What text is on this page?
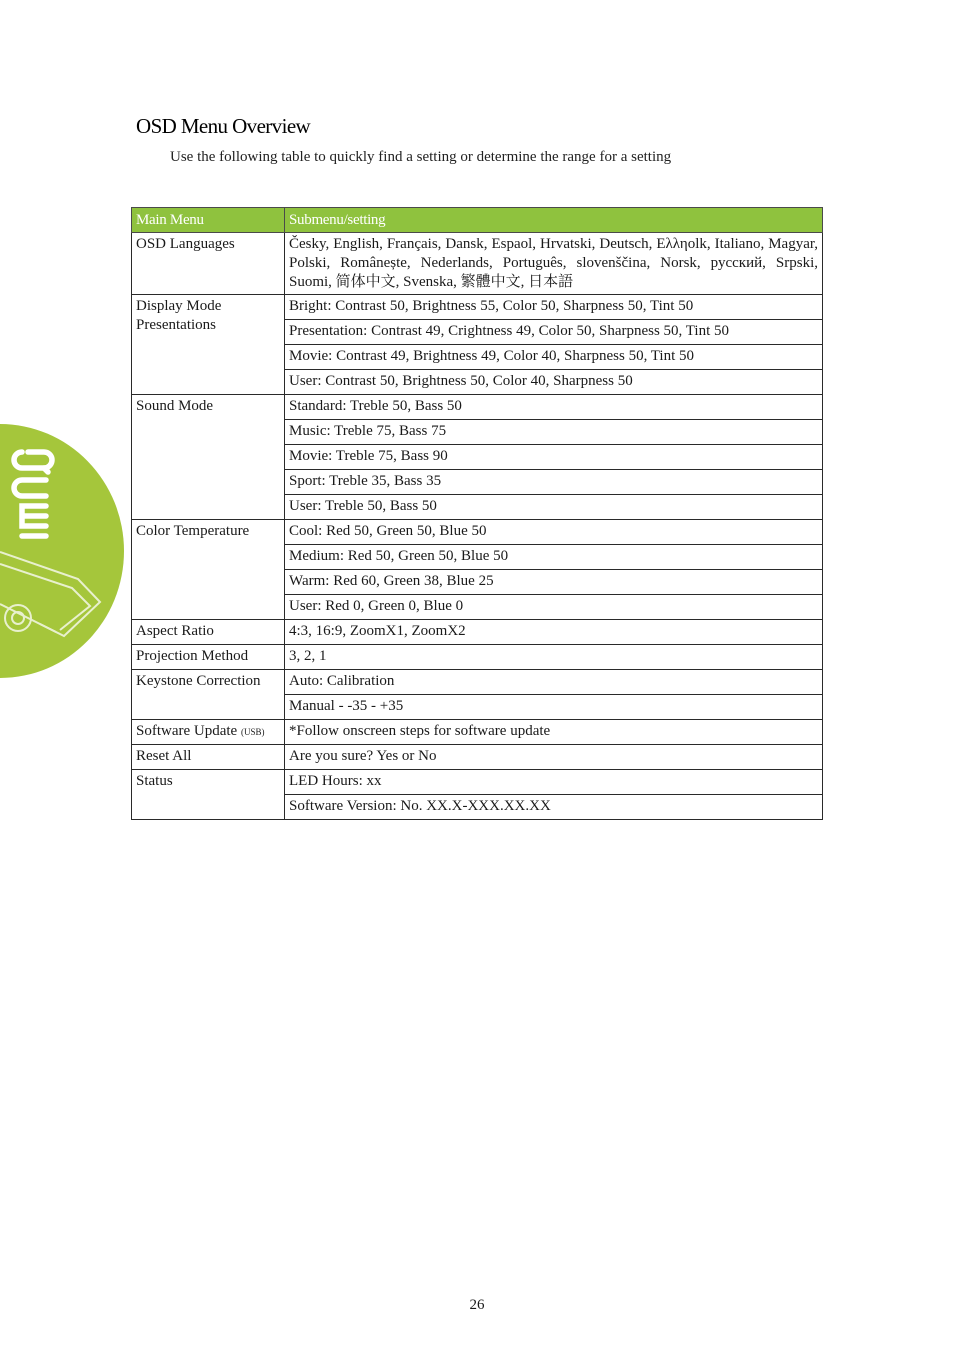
OSD Menu Overview
Use the following table to quickly find a setting or determine the range for a setting
Main Menu	Submenu/setting
OSD Languages	Česky, English, Français, Dansk, Espaol, Hrvatski, Deutsch, Eλληolk, Italiano, Magyar, Polski, Românește, Nederlands, Português, slovenščina, Norsk, русский, Srpski, Suomi, 简体中文, Svenska, 繁體中文, 日本語
Display Mode Presentations	Bright: Contrast 50, Brightness 55, Color 50, Sharpness 50, Tint 50
	Presentation: Contrast 49, Crightness 49, Color 50, Sharpness 50, Tint 50
	Movie: Contrast 49, Brightness 49, Color 40, Sharpness 50, Tint 50
	User: Contrast 50, Brightness 50, Color 40, Sharpness 50
Sound Mode	Standard: Treble 50, Bass 50
	Music: Treble 75, Bass 75
	Movie: Treble 75, Bass 90
	Sport: Treble 35, Bass 35
	User: Treble 50, Bass 50
Color Temperature	Cool: Red 50, Green 50, Blue 50
	Medium: Red 50, Green 50, Blue 50
	Warm: Red 60, Green 38, Blue 25
	User: Red 0, Green 0, Blue 0
Aspect Ratio	4:3, 16:9, ZoomX1, ZoomX2
Projection Method	3, 2, 1
Keystone Correction	Auto: Calibration
	Manual - -35 - +35
Software Update (USB)	*Follow onscreen steps for software update
Reset All	Are you sure? Yes or No
Status	LED Hours: xx
	Software Version: No. XX.X-XXX.XX.XX
26
